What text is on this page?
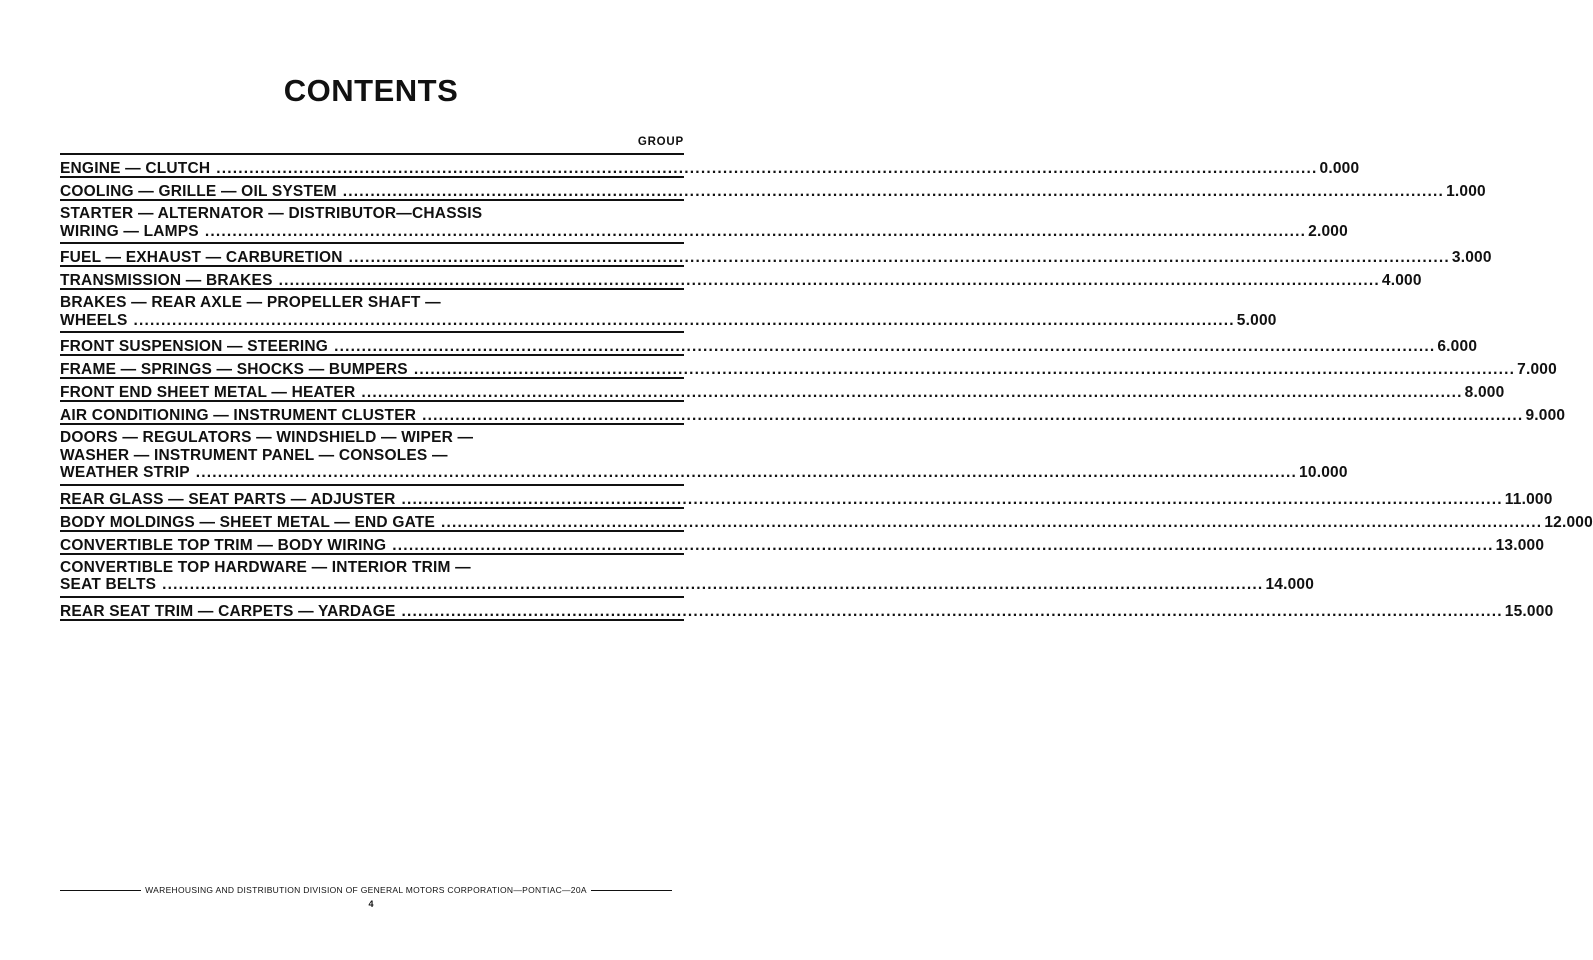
CONTENTS
GROUP
ENGINE — CLUTCH ........................................................................................................................................................................................................ 0.000
COOLING — GRILLE — OIL SYSTEM ........................................................................................................................................................................................................ 1.000
STARTER — ALTERNATOR — DISTRIBUTOR—CHASSIS
WIRING — LAMPS ........................................................................................................................................................................................................ 2.000
FUEL — EXHAUST — CARBURETION ........................................................................................................................................................................................................ 3.000
TRANSMISSION — BRAKES ........................................................................................................................................................................................................ 4.000
BRAKES — REAR AXLE — PROPELLER SHAFT —
WHEELS ........................................................................................................................................................................................................ 5.000
FRONT SUSPENSION — STEERING ........................................................................................................................................................................................................ 6.000
FRAME — SPRINGS — SHOCKS — BUMPERS ........................................................................................................................................................................................................ 7.000
FRONT END SHEET METAL — HEATER ........................................................................................................................................................................................................ 8.000
AIR CONDITIONING — INSTRUMENT CLUSTER ........................................................................................................................................................................................................ 9.000
DOORS — REGULATORS — WINDSHIELD — WIPER —
WASHER — INSTRUMENT PANEL — CONSOLES —
WEATHER STRIP ........................................................................................................................................................................................................ 10.000
REAR GLASS — SEAT PARTS — ADJUSTER ........................................................................................................................................................................................................ 11.000
BODY MOLDINGS — SHEET METAL — END GATE ........................................................................................................................................................................................................ 12.000
CONVERTIBLE TOP TRIM — BODY WIRING ........................................................................................................................................................................................................ 13.000
CONVERTIBLE TOP HARDWARE — INTERIOR TRIM —
SEAT BELTS ........................................................................................................................................................................................................ 14.000
REAR SEAT TRIM — CARPETS — YARDAGE ........................................................................................................................................................................................................ 15.000
WAREHOUSING AND DISTRIBUTION DIVISION OF GENERAL MOTORS CORPORATION—PONTIAC—20A
4
